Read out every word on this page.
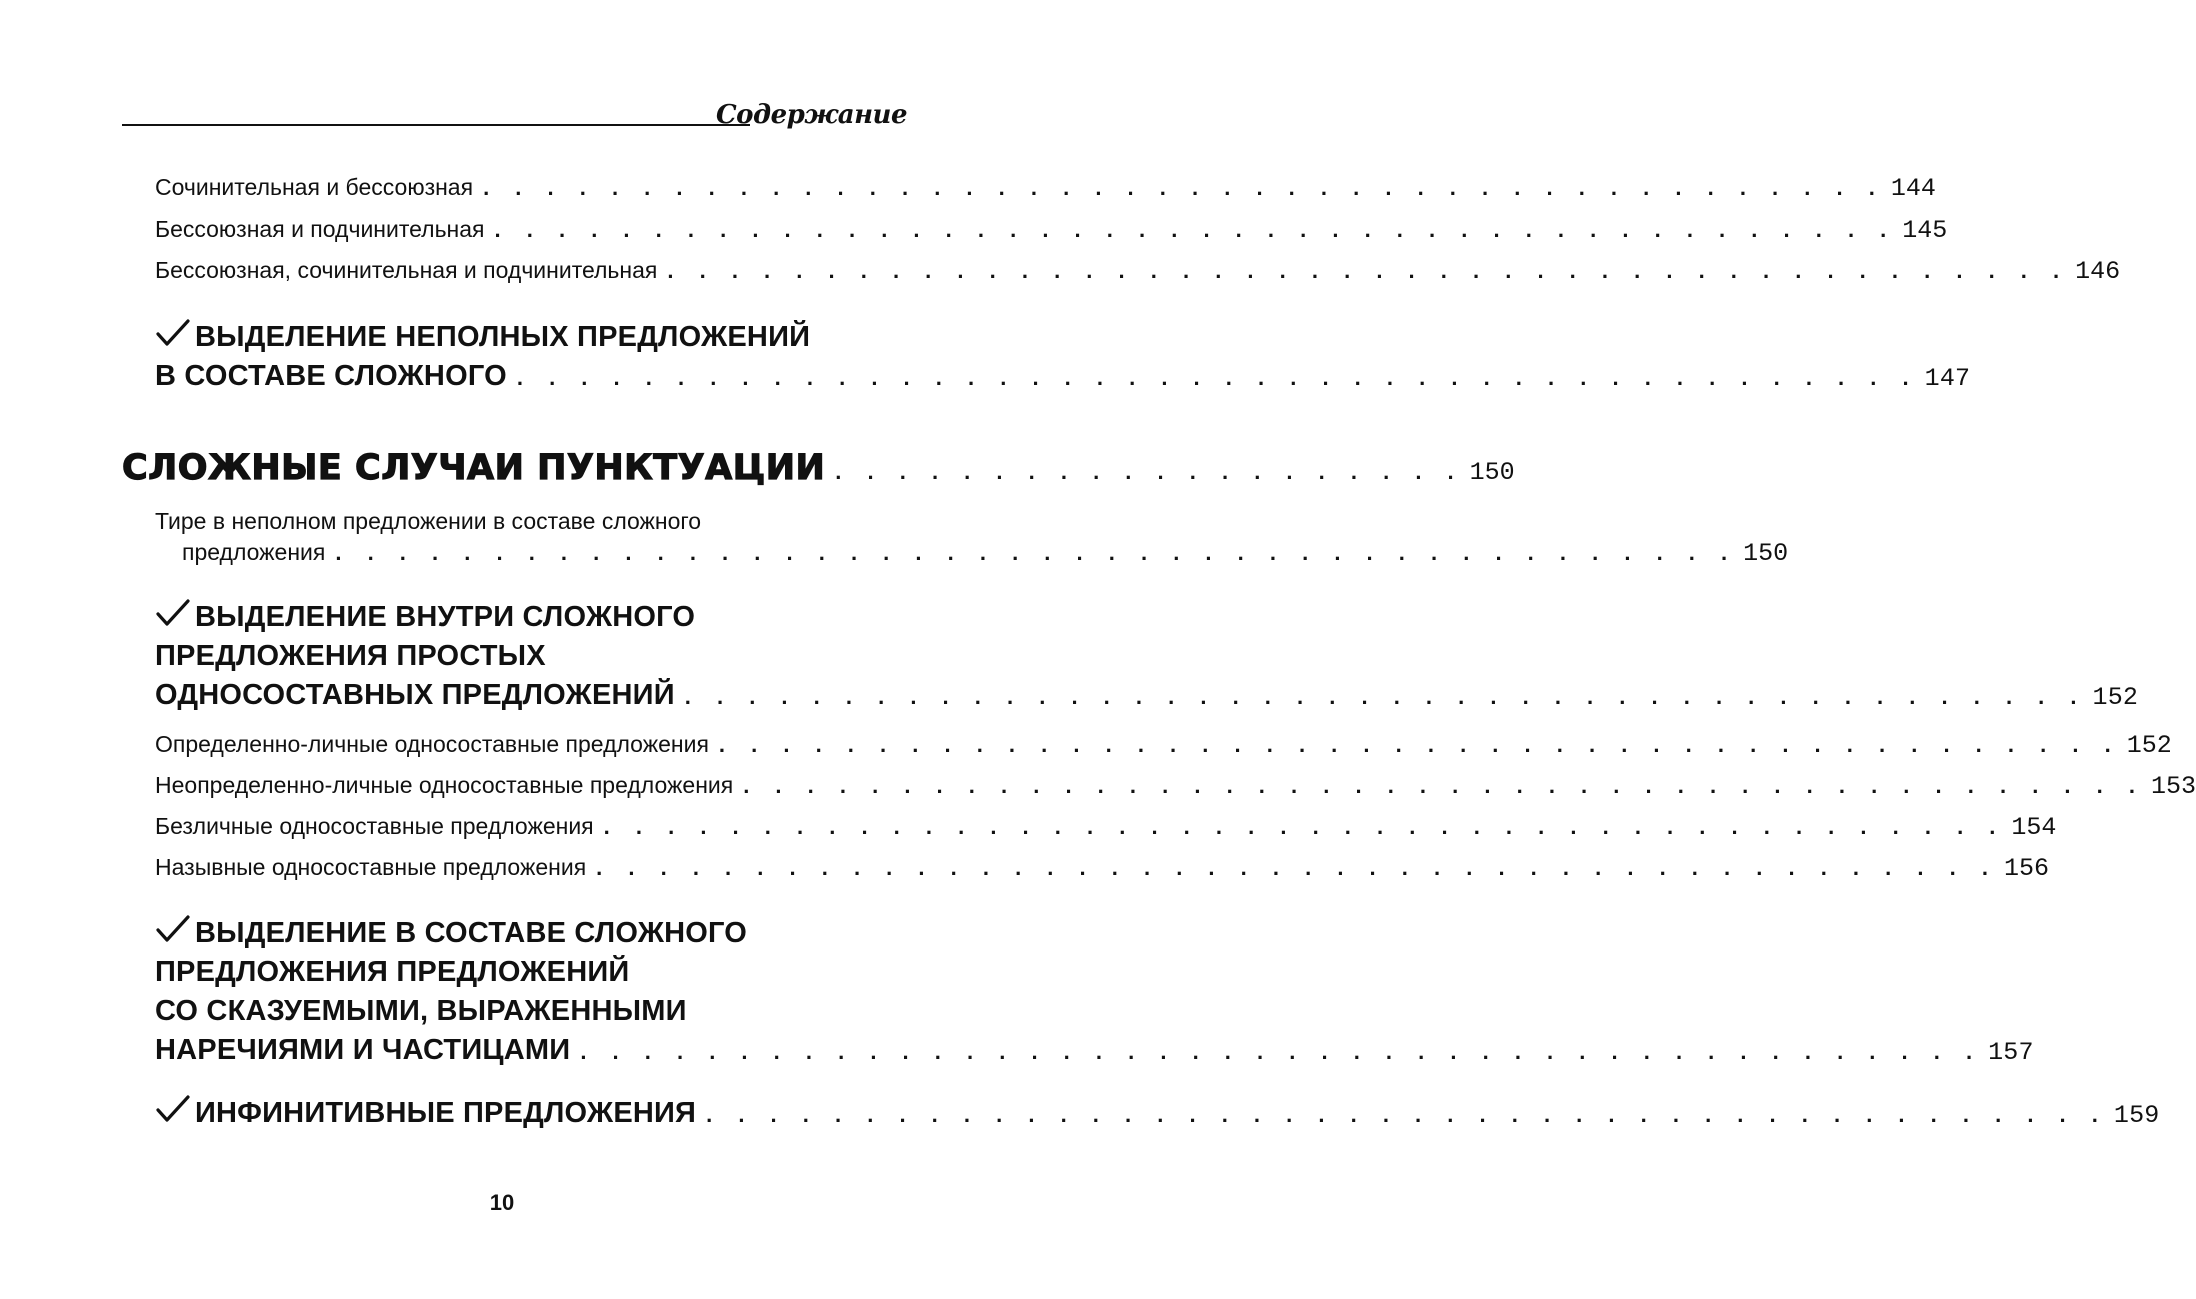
Содержание
Сочинительная и бессоюзная . . . . . . . . . . . . . . . . . . . . . . . . . . . . . . . . . . . . . . . . . . . . 144
Бессоюзная и подчинительная . . . . . . . . . . . . . . . . . . . . . . . . . . . . . . . . . . . . . . . . . . . . 145
Бессоюзная, сочинительная и подчинительная . . . . . . . . . . . . . . . . . . . . . . . . . . . . . . . . . . . . . . . . . . . . 146
ВЫДЕЛЕНИЕ НЕПОЛНЫХ ПРЕДЛОЖЕНИЙ
В СОСТАВЕ СЛОЖНОГО . . . . . . . . . . . . . . . . . . . . . . . . . . . . . . . . . . . . . . . . . . . . 147
СЛОЖНЫЕ СЛУЧАИ ПУНКТУАЦИИ . . . . . . . . . . . . . . . . . . . . 150
Тире в неполном предложении в составе сложного
предложения . . . . . . . . . . . . . . . . . . . . . . . . . . . . . . . . . . . . . . . . . . . . 150
ВЫДЕЛЕНИЕ ВНУТРИ СЛОЖНОГО
ПРЕДЛОЖЕНИЯ ПРОСТЫХ
ОДНОСОСТАВНЫХ ПРЕДЛОЖЕНИЙ . . . . . . . . . . . . . . . . . . . . . . . . . . . . . . . . . . . . . . . . . . . . 152
Определенно-личные односоставные предложения . . . . . . . . . . . . . . . . . . . . . . . . . . . . . . . . . . . . . . . . . . . . 152
Неопределенно-личные односоставные предложения . . . . . . . . . . . . . . . . . . . . . . . . . . . . . . . . . . . . . . . . . . . . 153
Безличные односоставные предложения . . . . . . . . . . . . . . . . . . . . . . . . . . . . . . . . . . . . . . . . . . . . 154
Назывные односоставные предложения . . . . . . . . . . . . . . . . . . . . . . . . . . . . . . . . . . . . . . . . . . . . 156
ВЫДЕЛЕНИЕ В СОСТАВЕ СЛОЖНОГО
ПРЕДЛОЖЕНИЯ ПРЕДЛОЖЕНИЙ
СО СКАЗУЕМЫМИ, ВЫРАЖЕННЫМИ
НАРЕЧИЯМИ И ЧАСТИЦАМИ . . . . . . . . . . . . . . . . . . . . . . . . . . . . . . . . . . . . . . . . . . . . 157
ИНФИНИТИВНЫЕ ПРЕДЛОЖЕНИЯ . . . . . . . . . . . . . . . . . . . . . . . . . . . . . . . . . . . . . . . . . . . . 159
10
